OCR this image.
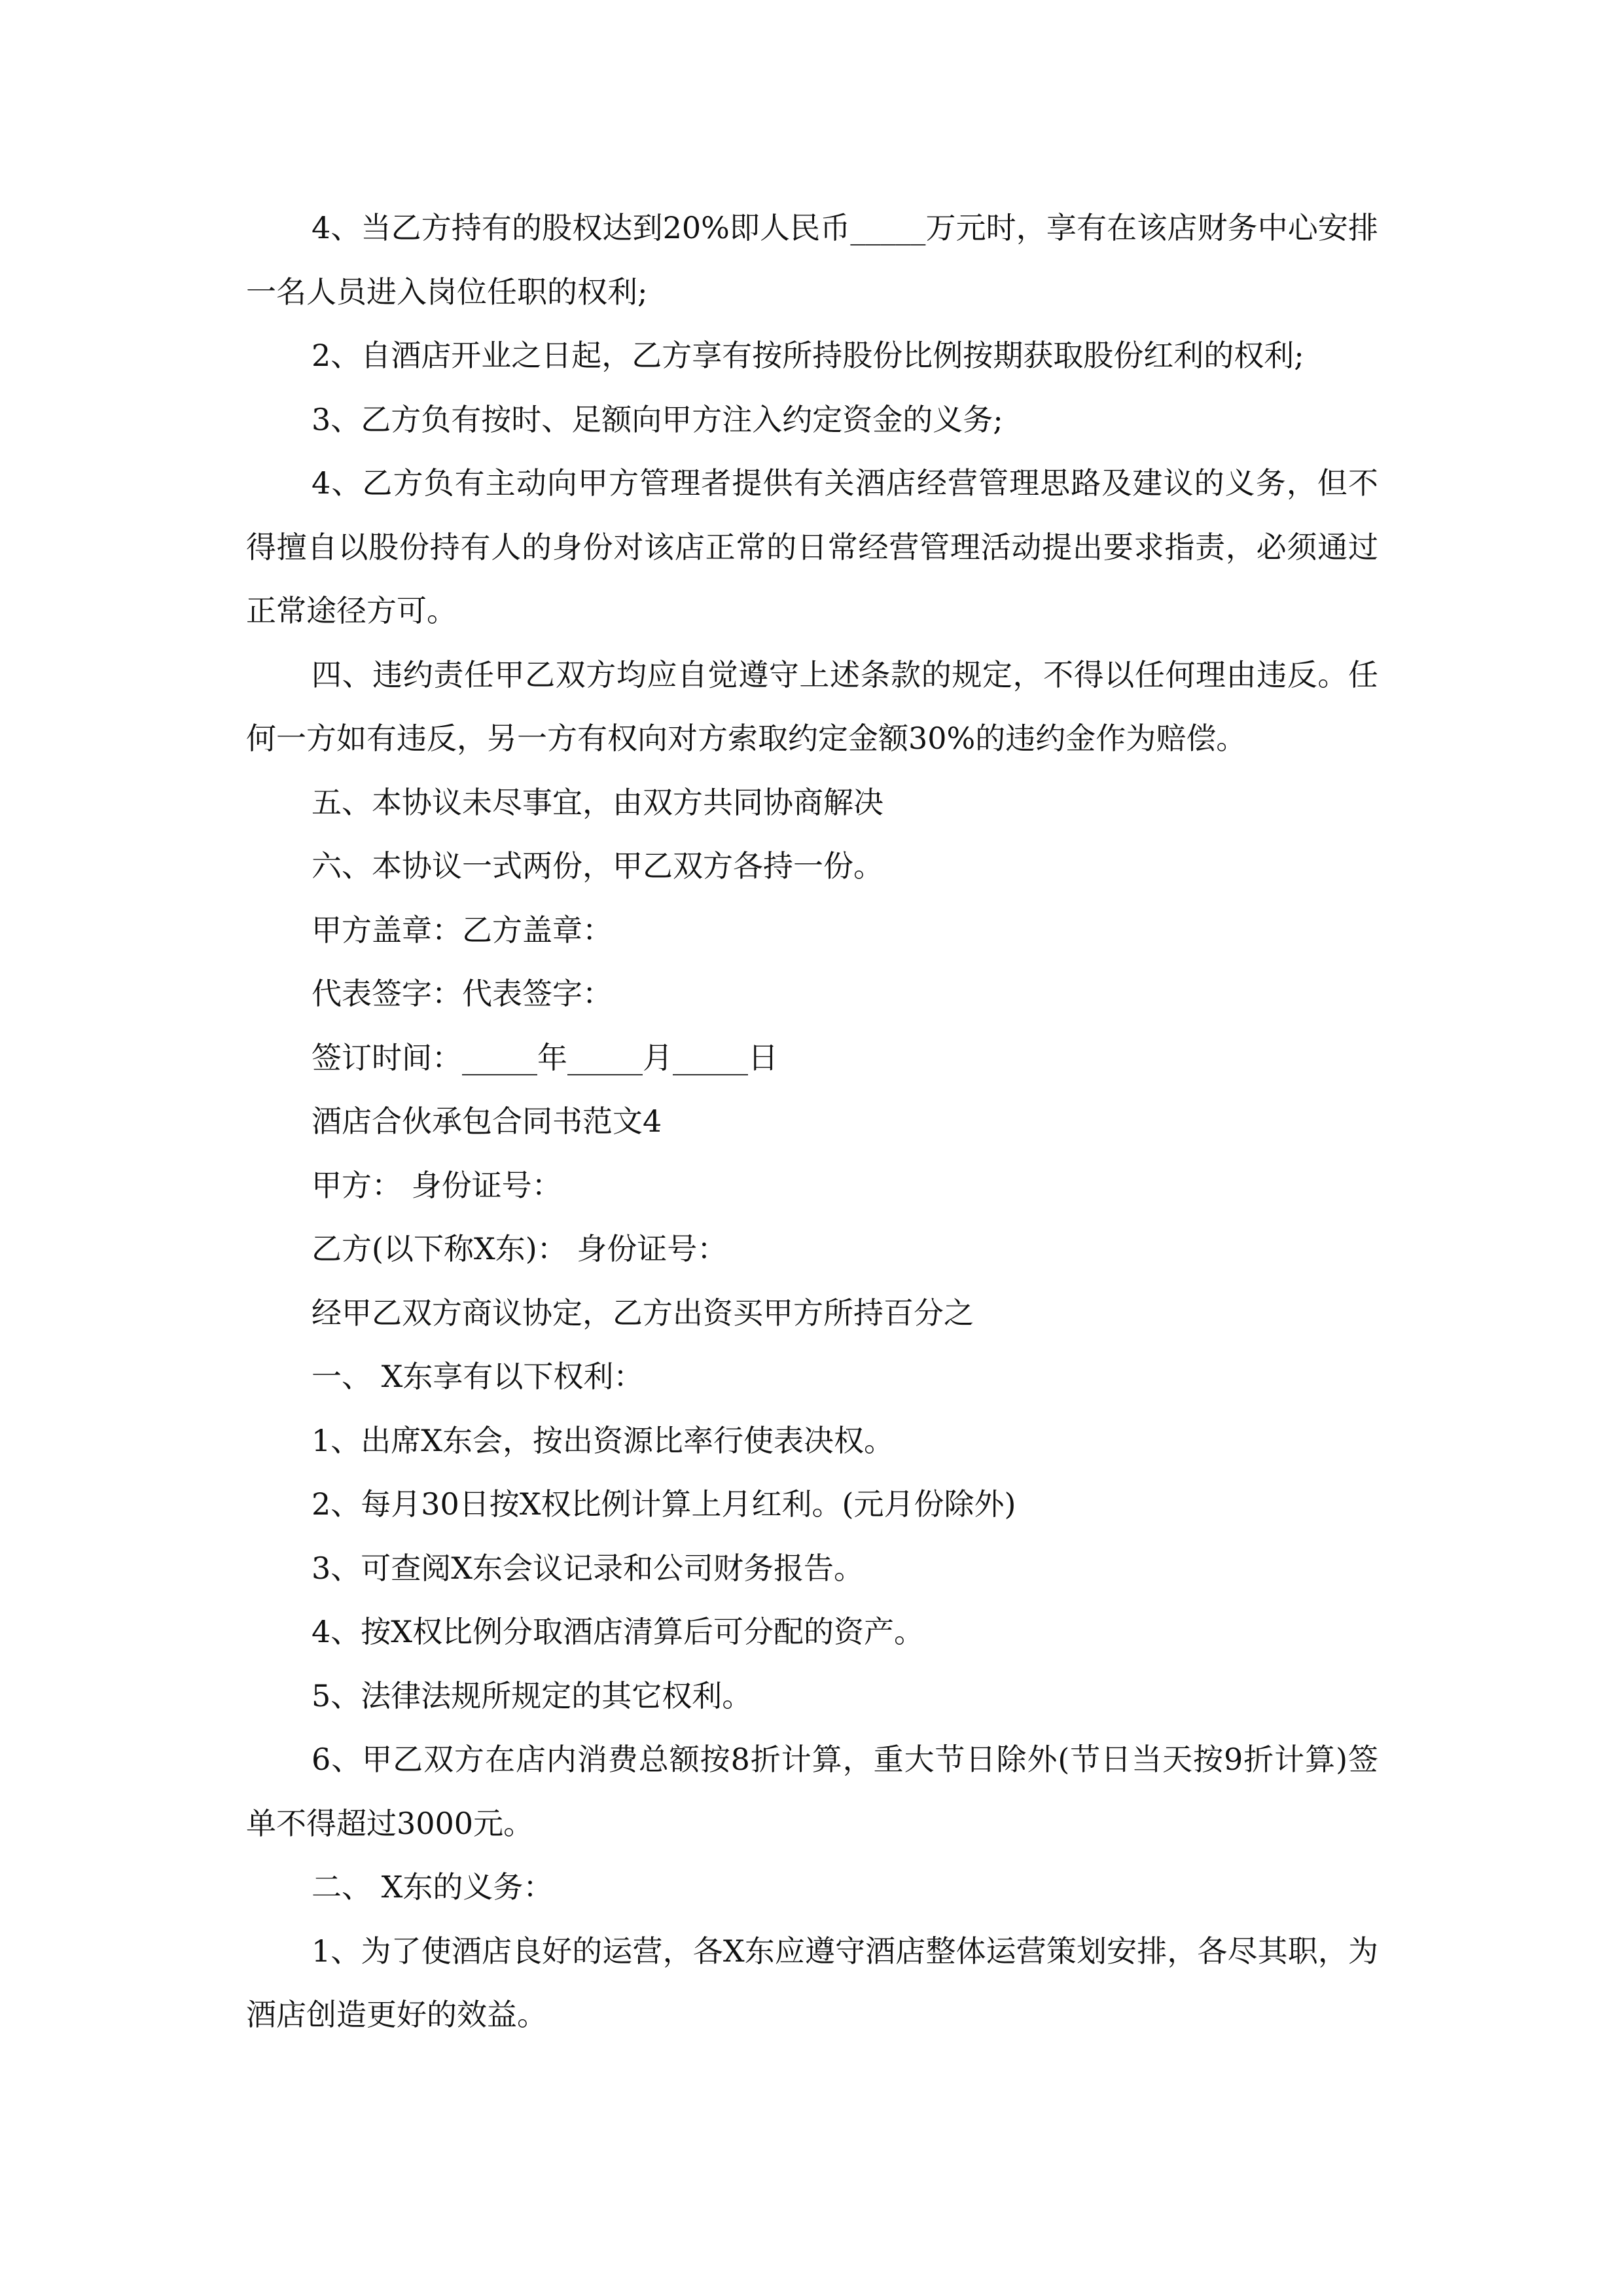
4、当乙方持有的股权达到20%即人民币_____万元时，享有在该店财务中心安排一名人员进入岗位任职的权利;

2、自酒店开业之日起，乙方享有按所持股份比例按期获取股份红利的权利;

3、乙方负有按时、足额向甲方注入约定资金的义务;

4、乙方负有主动向甲方管理者提供有关酒店经营管理思路及建议的义务，但不得擅自以股份持有人的身份对该店正常的日常经营管理活动提出要求指责，必须通过正常途径方可。

四、违约责任甲乙双方均应自觉遵守上述条款的规定，不得以任何理由违反。任何一方如有违反，另一方有权向对方索取约定金额30%的违约金作为赔偿。

五、本协议未尽事宜，由双方共同协商解决

六、本协议一式两份，甲乙双方各持一份。

甲方盖章：乙方盖章：

代表签字：代表签字：

签订时间：_____年_____月_____日

酒店合伙承包合同书范文4

甲方： 身份证号：

乙方(以下称X东)： 身份证号：

经甲乙双方商议协定，乙方出资买甲方所持百分之

一、 X东享有以下权利：

1、出席X东会，按出资源比率行使表决权。

2、每月30日按X权比例计算上月红利。(元月份除外)

3、可查阅X东会议记录和公司财务报告。

4、按X权比例分取酒店清算后可分配的资产。

5、法律法规所规定的其它权利。

6、甲乙双方在店内消费总额按8折计算，重大节日除外(节日当天按9折计算)签单不得超过3000元。

二、 X东的义务：

1、为了使酒店良好的运营，各X东应遵守酒店整体运营策划安排，各尽其职，为酒店创造更好的效益。
